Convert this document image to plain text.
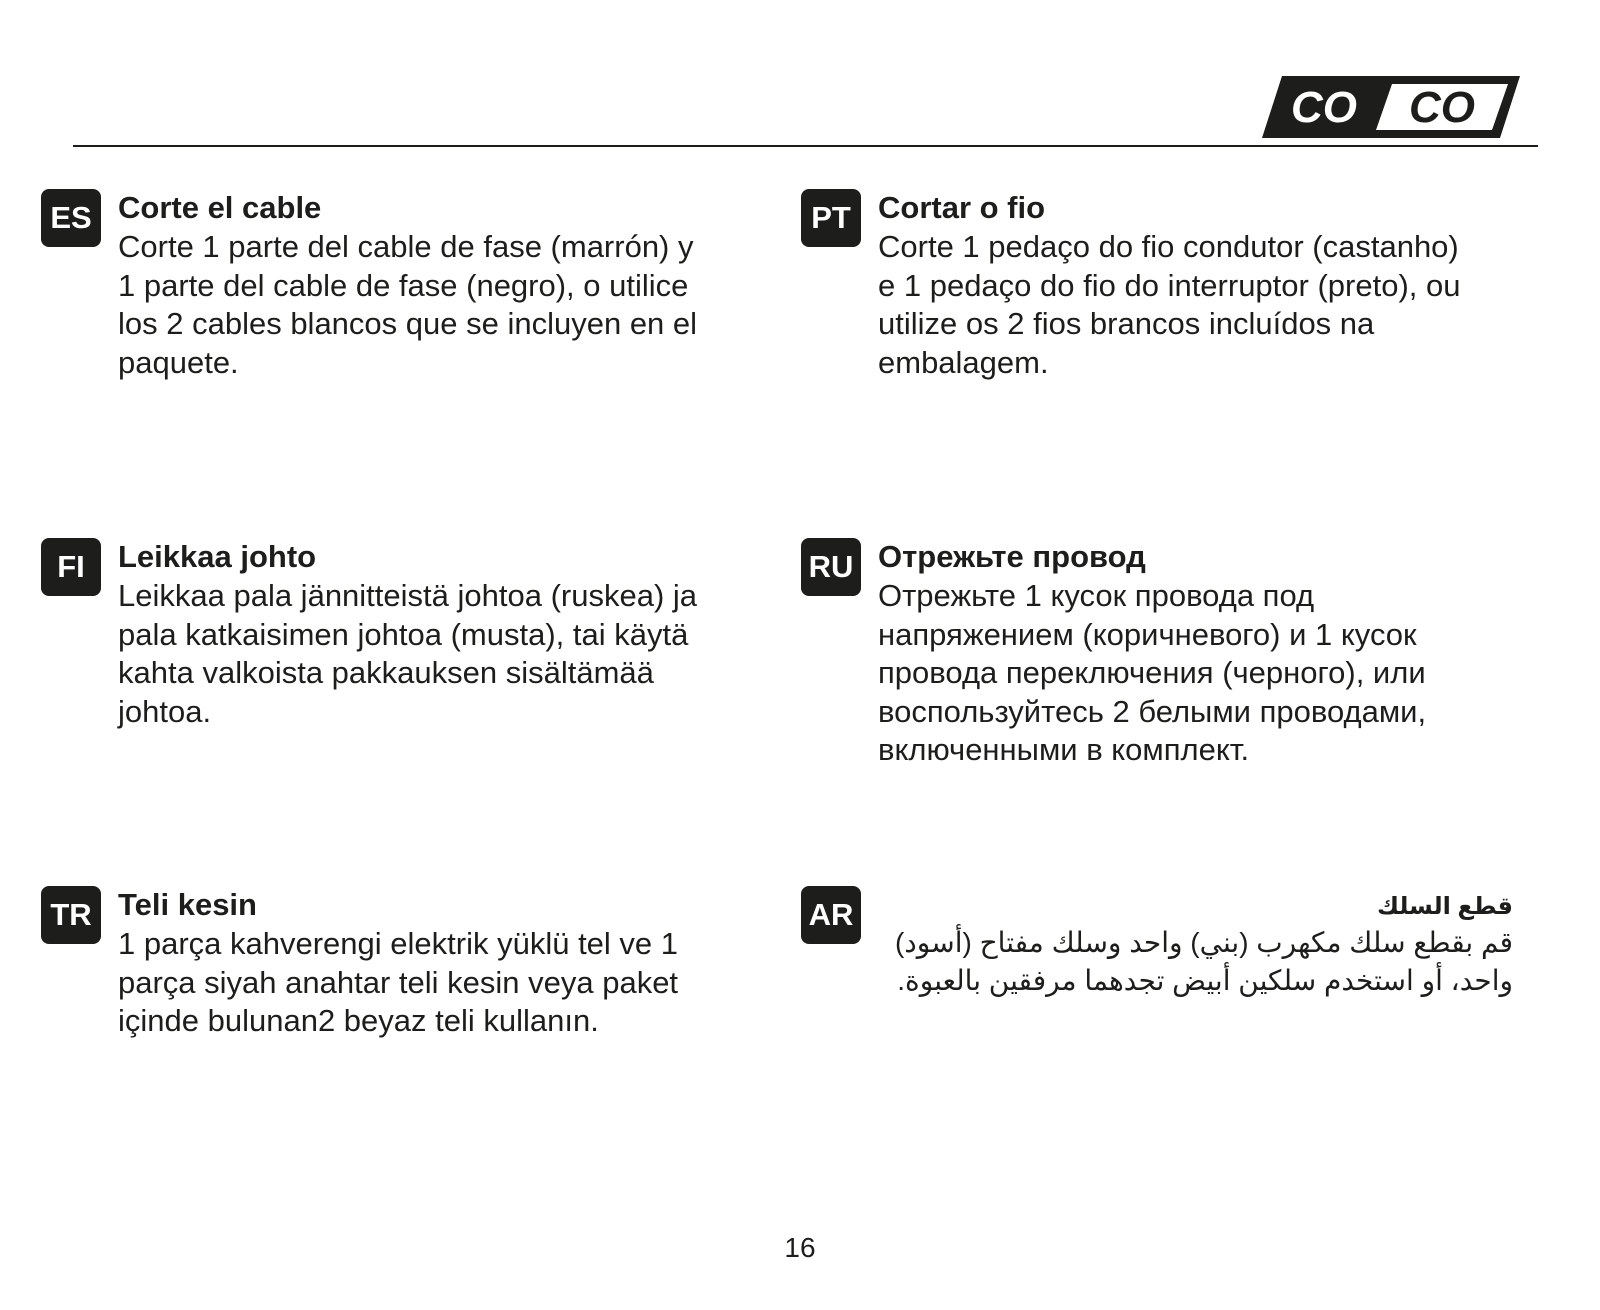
CO CO
ES Corte el cable

Corte 1 parte del cable de fase (marrón) y 1 parte del cable de fase (negro), o utilice los 2 cables blancos que se incluyen en el paquete.

PT Cortar o fio

Corte 1 pedaço do fio condutor (castanho) e 1 pedaço do fio do interruptor (preto), ou utilize os 2 fios brancos incluídos na embalagem.

FI	Leikkaa johto

Leikkaa pala jännitteistä johtoa (ruskea) ja pala katkaisimen johtoa (musta), tai käytä kahta valkoista pakkauksen sisältämää johtoa.

RU Отрежьте провод

Отрежьте 1 кусок провода под напряжением (коричневого) и 1 кусок провода переключения (черного), или воспользуйтесь 2 белыми проводами, включенными в комплект.

TR Teli kesin

1 parça kahverengi elektrik yüklü tel ve 1 parça siyah anahtar teli kesin veya paket içinde bulunan2 beyaz teli kullanın.

AR	قطع السلك

قم بقطع سلك مكهرب (بني) واحد وسلك مفتاح (أسود) واحد، أو استخدم سلكين أبيض تجدهما مرفقين بالعبوة.

16
